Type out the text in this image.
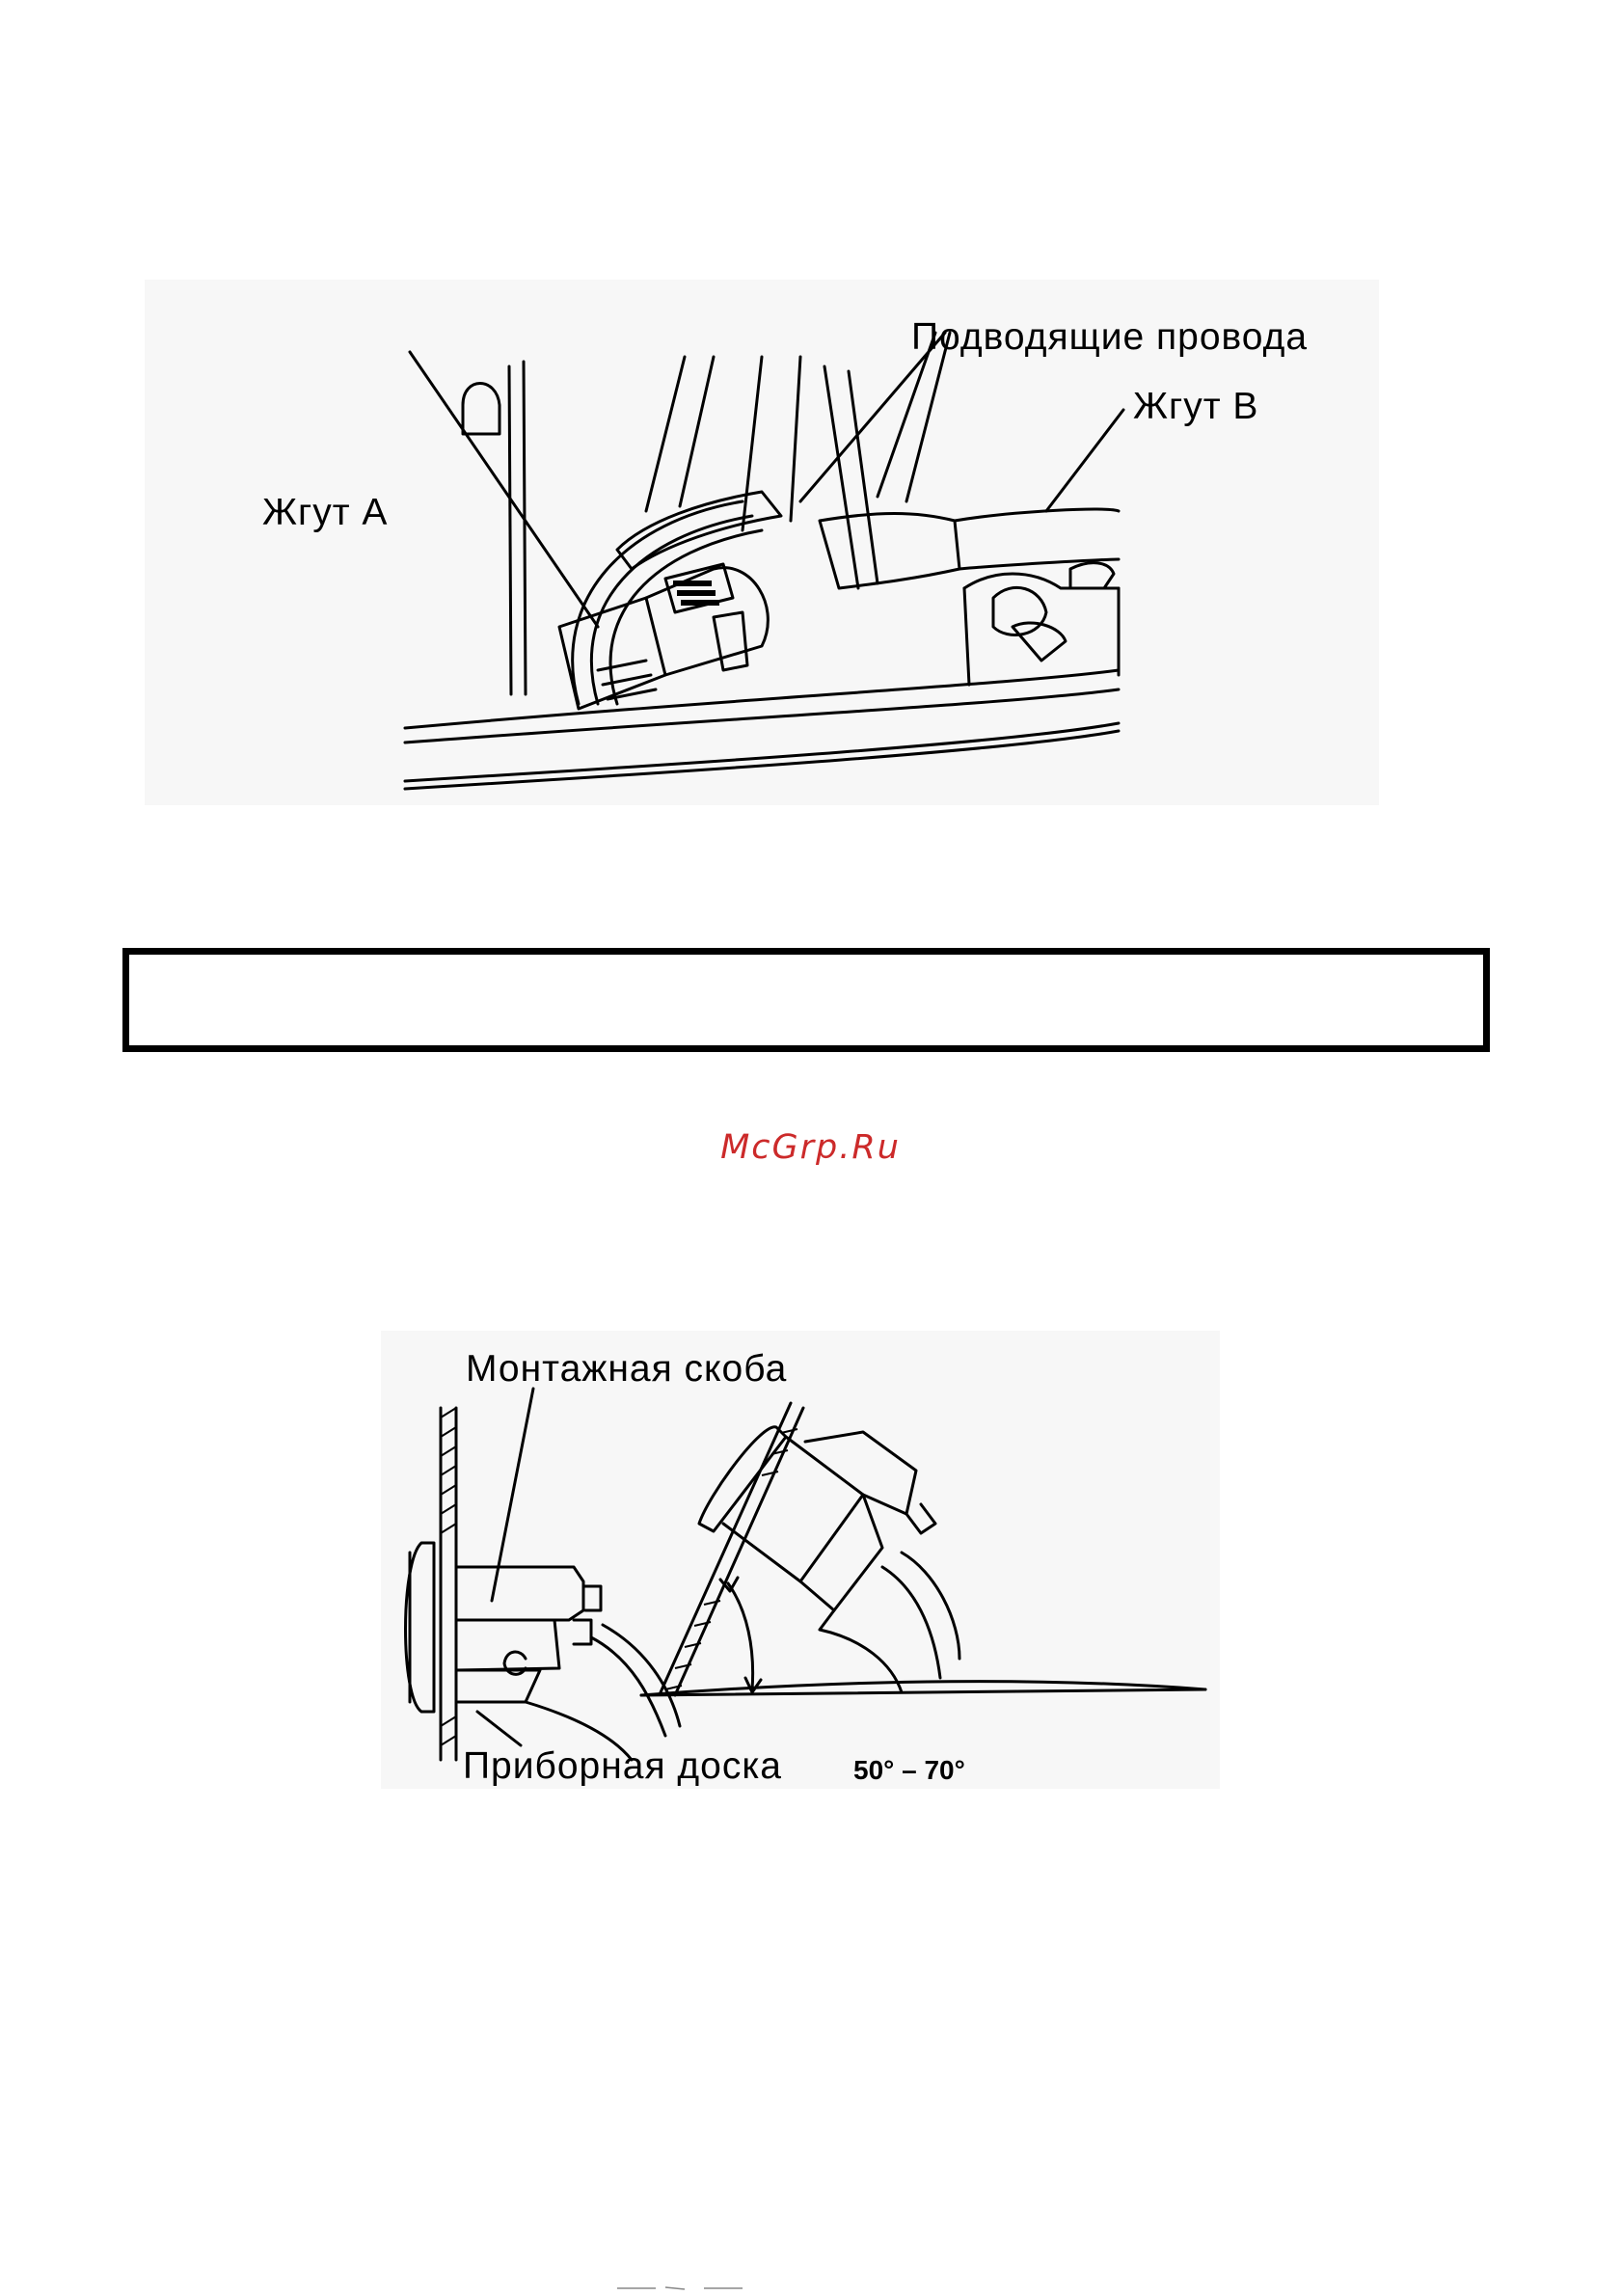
Подводящие провода
Жгут В
Жгут А
McGrp.Ru
Монтажная скоба
Приборная доска	50° – 70°
